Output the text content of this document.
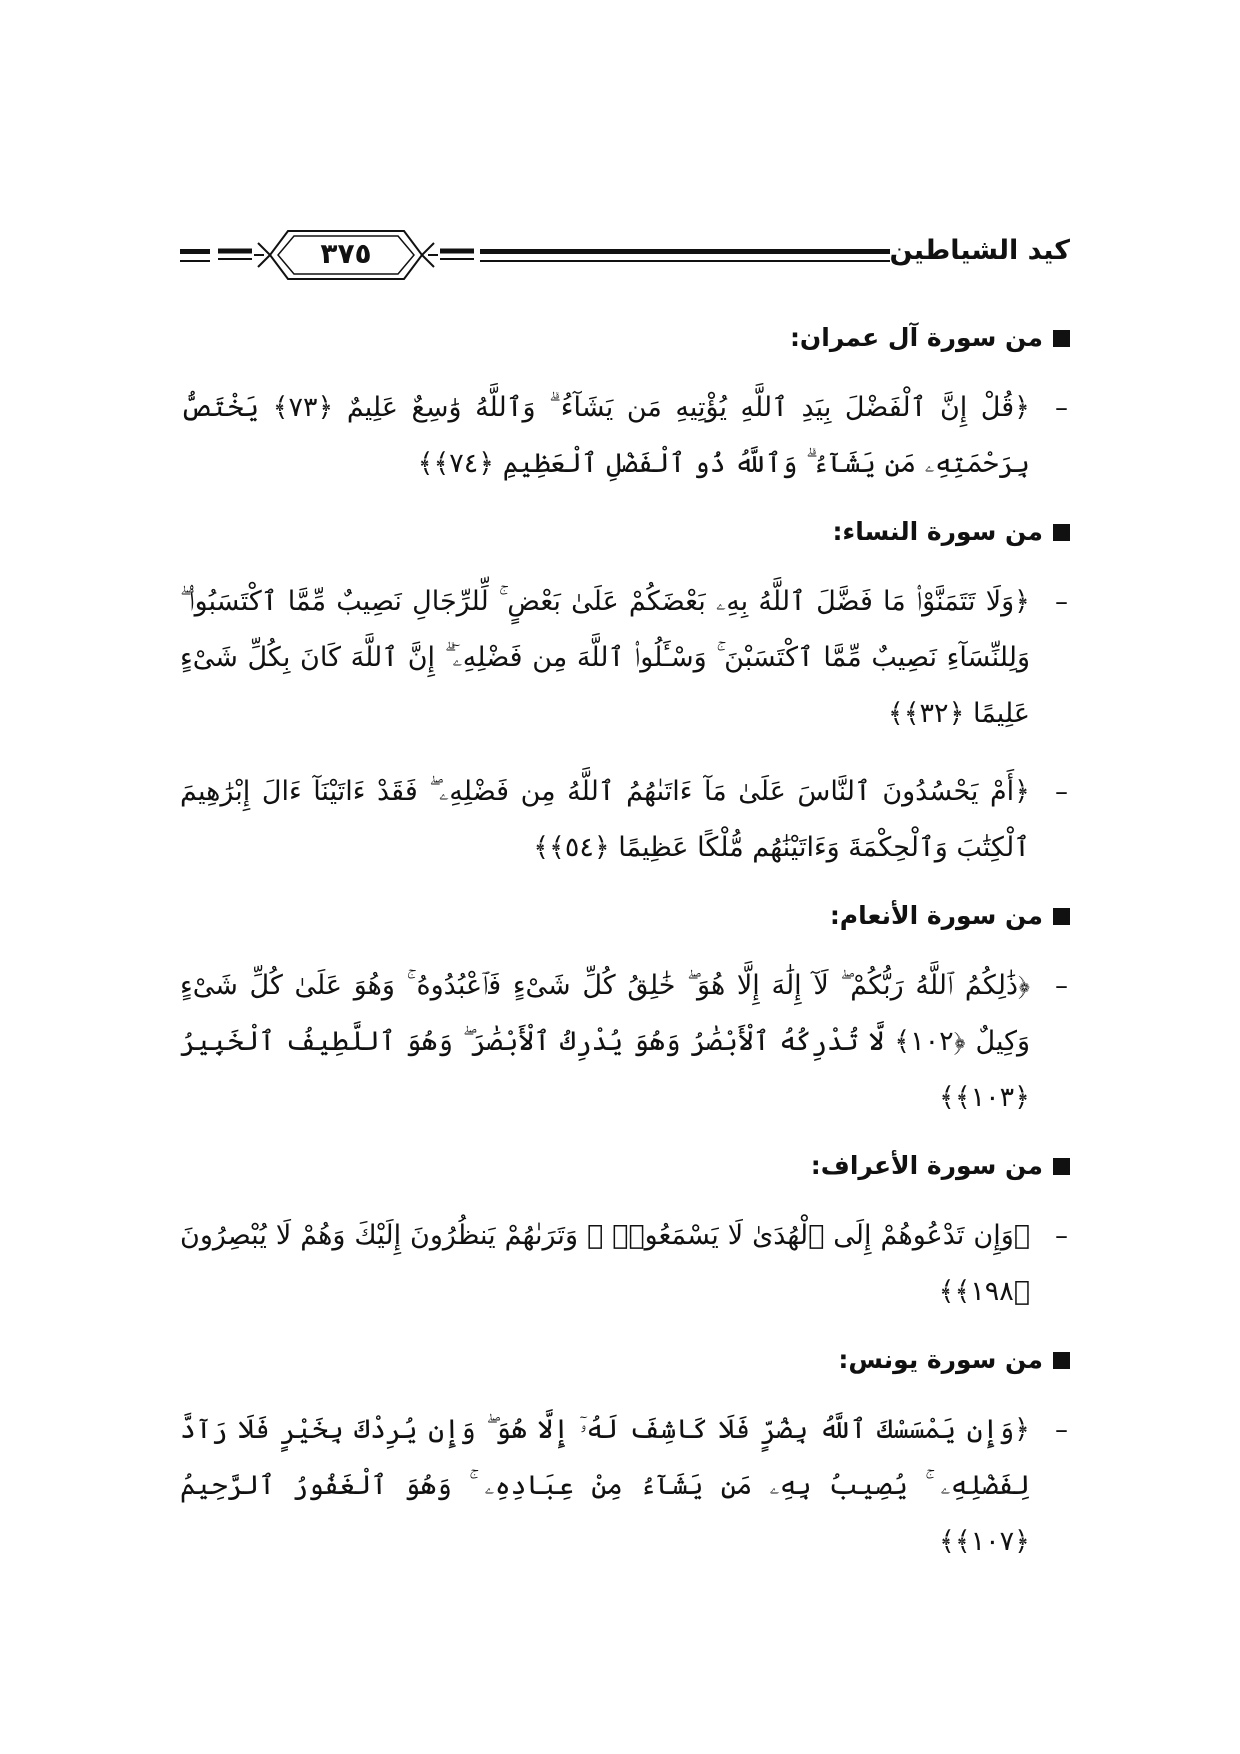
كيد الشياطين
٣٧٥
من سورة آل عمران:
–

﴿قُلْ إِنَّ ٱلْفَضْلَ بِيَدِ ٱللَّهِ يُؤْتِيهِ مَن يَشَآءُ ۗ وَٱللَّهُ وَٰسِعٌ عَلِيمٌ ﴿٧٣﴾ يَخْتَصُّ بِرَحْمَتِهِۦ مَن يَشَآءُ ۗ وَٱللَّهُ ذُو ٱلْفَضْلِ ٱلْعَظِيمِ ﴿٧٤﴾﴾

من سورة النساء:
–

﴿وَلَا تَتَمَنَّوْا۟ مَا فَضَّلَ ٱللَّهُ بِهِۦ بَعْضَكُمْ عَلَىٰ بَعْضٍ ۚ لِّلرِّجَالِ نَصِيبٌ مِّمَّا ٱكْتَسَبُوا۟ ۖ وَلِلنِّسَآءِ نَصِيبٌ مِّمَّا ٱكْتَسَبْنَ ۚ وَسْـَٔلُوا۟ ٱللَّهَ مِن فَضْلِهِۦٓ ۗ إِنَّ ٱللَّهَ كَانَ بِكُلِّ شَىْءٍ عَلِيمًا ﴿٣٢﴾﴾

–

﴿أَمْ يَحْسُدُونَ ٱلنَّاسَ عَلَىٰ مَآ ءَاتَىٰهُمُ ٱللَّهُ مِن فَضْلِهِۦ ۖ فَقَدْ ءَاتَيْنَآ ءَالَ إِبْرَٰهِيمَ ٱلْكِتَٰبَ وَٱلْحِكْمَةَ وَءَاتَيْنَٰهُم مُّلْكًا عَظِيمًا ﴿٥٤﴾﴾

من سورة الأنعام:
–

﴿ذَٰلِكُمُ ٱللَّهُ رَبُّكُمْ ۖ لَآ إِلَٰهَ إِلَّا هُوَ ۖ خَٰلِقُ كُلِّ شَىْءٍ فَٱعْبُدُوهُ ۚ وَهُوَ عَلَىٰ كُلِّ شَىْءٍ وَكِيلٌ ﴿١٠٢﴾ لَّا تُدْرِكُهُ ٱلْأَبْصَٰرُ وَهُوَ يُدْرِكُ ٱلْأَبْصَٰرَ ۖ وَهُوَ ٱللَّطِيفُ ٱلْخَبِيرُ ﴿١٠٣﴾﴾

من سورة الأعراف:
–

﴿وَإِن تَدْعُوهُمْ إِلَى ٱلْهُدَىٰ لَا يَسْمَعُوا۟ ۖ وَتَرَىٰهُمْ يَنظُرُونَ إِلَيْكَ وَهُمْ لَا يُبْصِرُونَ ﴿١٩٨﴾﴾

من سورة يونس:
–

﴿وَإِن يَمْسَسْكَ ٱللَّهُ بِضُرٍّ فَلَا كَاشِفَ لَهُۥٓ إِلَّا هُوَ ۖ وَإِن يُرِدْكَ بِخَيْرٍ فَلَا رَآدَّ لِفَضْلِهِۦ ۚ يُصِيبُ بِهِۦ مَن يَشَآءُ مِنْ عِبَادِهِۦ ۚ وَهُوَ ٱلْغَفُورُ ٱلرَّحِيمُ ﴿١٠٧﴾﴾
